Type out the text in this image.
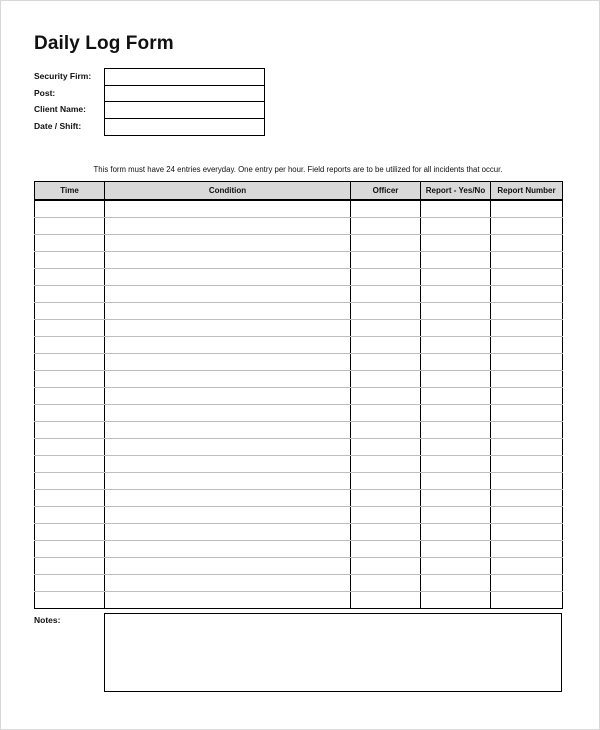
Daily Log Form
Security Firm:
Post:
Client Name:
Date / Shift:
This form must have 24 entries everyday. One entry per hour. Field reports are to be utilized for all incidents that occur.
Time	Condition	Officer	Report - Yes/No	Report Number

Notes:
